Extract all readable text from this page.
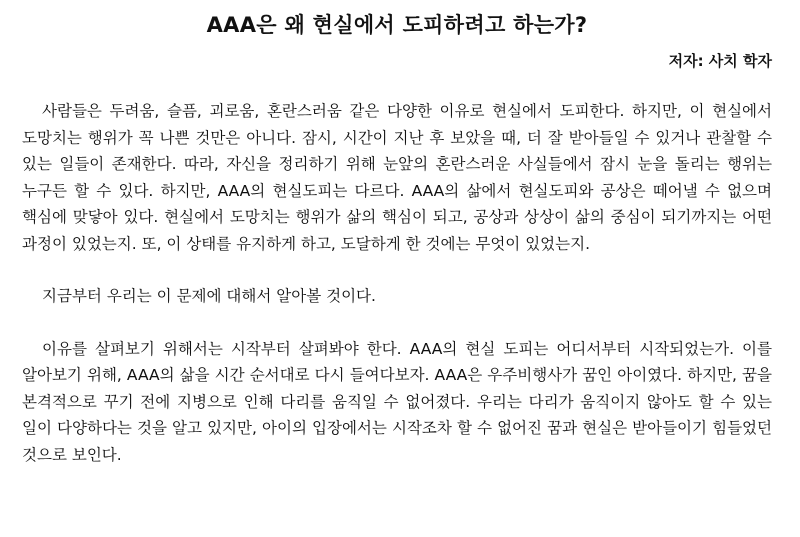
AAA은 왜 현실에서 도피하려고 하는가?
저자: 사치 학자

사람들은 두려움, 슬픔, 괴로움, 혼란스러움 같은 다양한 이유로 현실에서 도피한다. 하지만, 이 현실에서 도망치는 행위가 꼭 나쁜 것만은 아니다. 잠시, 시간이 지난 후 보았을 때, 더 잘 받아들일 수 있거나 관찰할 수 있는 일들이 존재한다. 따라, 자신을 정리하기 위해 눈앞의 혼란스러운 사실들에서 잠시 눈을 돌리는 행위는 누구든 할 수 있다. 하지만, AAA의 현실도피는 다르다. AAA의 삶에서 현실도피와 공상은 떼어낼 수 없으며 핵심에 맞닿아 있다. 현실에서 도망치는 행위가 삶의 핵심이 되고, 공상과 상상이 삶의 중심이 되기까지는 어떤 과정이 있었는지. 또, 이 상태를 유지하게 하고, 도달하게 한 것에는 무엇이 있었는지.

지금부터 우리는 이 문제에 대해서 알아볼 것이다.

이유를 살펴보기 위해서는 시작부터 살펴봐야 한다. AAA의 현실 도피는 어디서부터 시작되었는가. 이를 알아보기 위해, AAA의 삶을 시간 순서대로 다시 들여다보자. AAA은 우주비행사가 꿈인 아이였다. 하지만, 꿈을 본격적으로 꾸기 전에 지병으로 인해 다리를 움직일 수 없어졌다. 우리는 다리가 움직이지 않아도 할 수 있는 일이 다양하다는 것을 알고 있지만, 아이의 입장에서는 시작조차 할 수 없어진 꿈과 현실은 받아들이기 힘들었던 것으로 보인다.
